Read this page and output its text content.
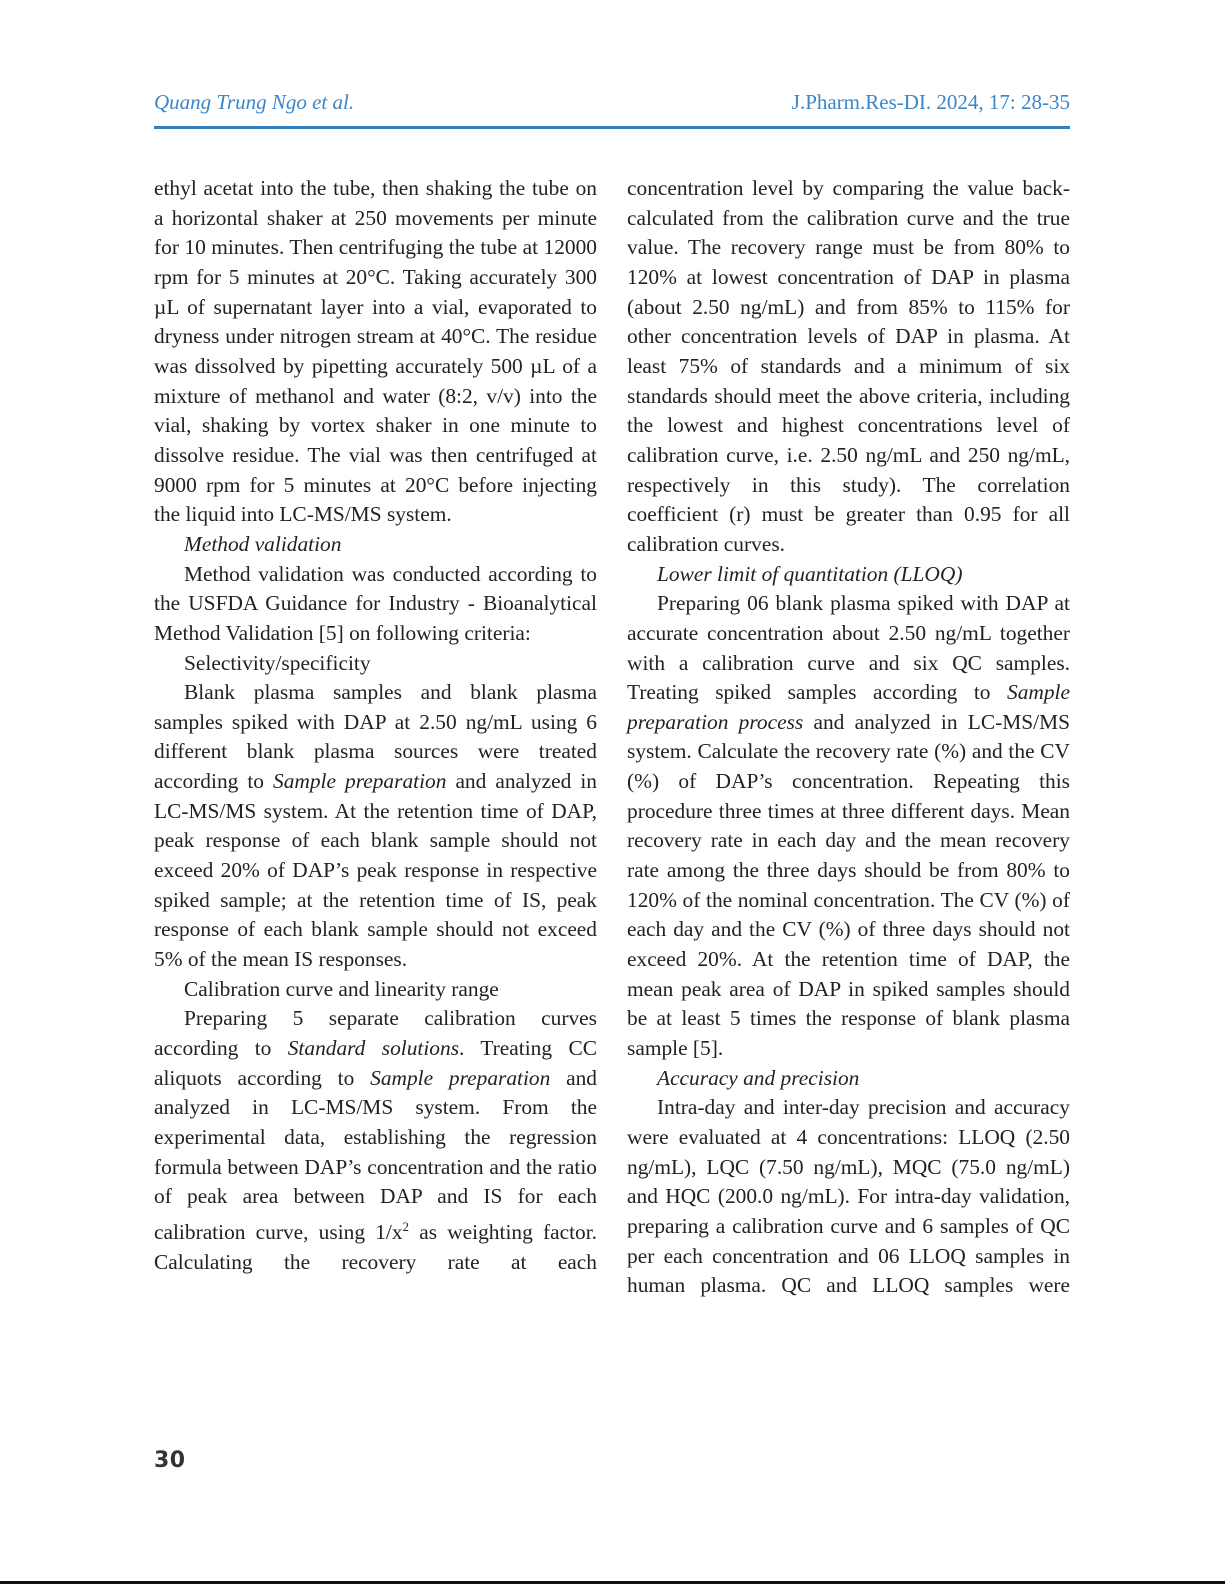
Quang Trung Ngo et al.	J.Pharm.Res-DI. 2024, 17: 28-35

ethyl acetat into the tube, then shaking the tube on a horizontal shaker at 250 movements per minute for 10 minutes. Then centrifuging the tube at 12000 rpm for 5 minutes at 20°C. Taking accurately 300 µL of supernatant layer into a vial, evaporated to dryness under nitrogen stream at 40°C. The residue was dissolved by pipetting accurately 500 µL of a mixture of methanol and water (8:2, v/v) into the vial, shaking by vortex shaker in one minute to dissolve residue. The vial was then centrifuged at 9000 rpm for 5 minutes at 20°C before injecting the liquid into LC-MS/MS system.

Method validation

Method validation was conducted according to the USFDA Guidance for Industry - Bioanalytical Method Validation [5] on following criteria:

Selectivity/specificity

Blank plasma samples and blank plasma samples spiked with DAP at 2.50 ng/mL using 6 different blank plasma sources were treated according to Sample preparation and analyzed in LC-MS/MS system. At the retention time of DAP, peak response of each blank sample should not exceed 20% of DAP’s peak response in respective spiked sample; at the retention time of IS, peak response of each blank sample should not exceed 5% of the mean IS responses.

Calibration curve and linearity range

Preparing 5 separate calibration curves according to Standard solutions. Treating CC aliquots according to Sample preparation and analyzed in LC-MS/MS system. From the experimental data, establishing the regression formula between DAP’s concentration and the ratio of peak area between DAP and IS for each calibration curve, using $1/x^2$ as weighting factor. Calculating the recovery rate at each

concentration level by comparing the value back-calculated from the calibration curve and the true value. The recovery range must be from 80% to 120% at lowest concentration of DAP in plasma (about 2.50 ng/mL) and from 85% to 115% for other concentration levels of DAP in plasma. At least 75% of standards and a minimum of six standards should meet the above criteria, including the lowest and highest concentrations level of calibration curve, i.e. 2.50 ng/mL and 250 ng/mL, respectively in this study). The correlation coefficient (r) must be greater than 0.95 for all calibration curves.

Lower limit of quantitation (LLOQ)

Preparing 06 blank plasma spiked with DAP at accurate concentration about 2.50 ng/mL together with a calibration curve and six QC samples. Treating spiked samples according to Sample preparation process and analyzed in LC-MS/MS system. Calculate the recovery rate (%) and the CV (%) of DAP’s concentration. Repeating this procedure three times at three different days. Mean recovery rate in each day and the mean recovery rate among the three days should be from 80% to 120% of the nominal concentration. The CV (%) of each day and the CV (%) of three days should not exceed 20%. At the retention time of DAP, the mean peak area of DAP in spiked samples should be at least 5 times the response of blank plasma sample [5].

Accuracy and precision

Intra-day and inter-day precision and accuracy were evaluated at 4 concentrations: LLOQ (2.50 ng/mL), LQC (7.50 ng/mL), MQC (75.0 ng/mL) and HQC (200.0 ng/mL). For intra-day validation, preparing a calibration curve and 6 samples of QC per each concentration and 06 LLOQ samples in human plasma. QC and LLOQ samples were

30
